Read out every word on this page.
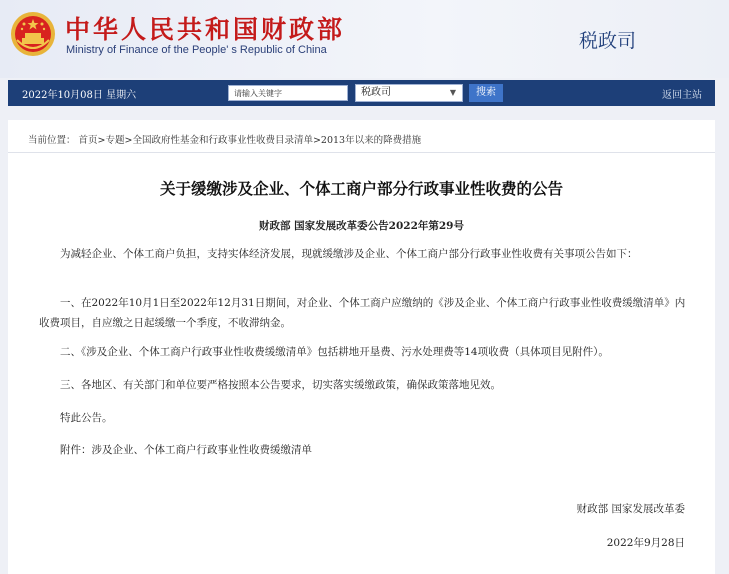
中华人民共和国财政部
Ministry of Finance of the People' s Republic of China	税政司
2022年10月08日 星期六
请输入关键字	税政司	▼	搜索	返回主站
当前位置： 首页>专题>全国政府性基金和行政事业性收费目录清单>2013年以来的降费措施
关于缓缴涉及企业、个体工商户部分行政事业性收费的公告
财政部 国家发展改革委公告2022年第29号
为减轻企业、个体工商户负担，支持实体经济发展，现就缓缴涉及企业、个体工商户部分行政事业性收费有关事项公告如下：
一、在2022年10月1日至2022年12月31日期间，对企业、个体工商户应缴纳的《涉及企业、个体工商户行政事业性收费缓缴清单》内收费项目，自应缴之日起缓缴一个季度，不收滞纳金。
二、《涉及企业、个体工商户行政事业性收费缓缴清单》包括耕地开垦费、污水处理费等14项收费（具体项目见附件）。
三、各地区、有关部门和单位要严格按照本公告要求，切实落实缓缴政策，确保政策落地见效。
特此公告。
附件：涉及企业、个体工商户行政事业性收费缓缴清单
财政部 国家发展改革委
2022年9月28日
